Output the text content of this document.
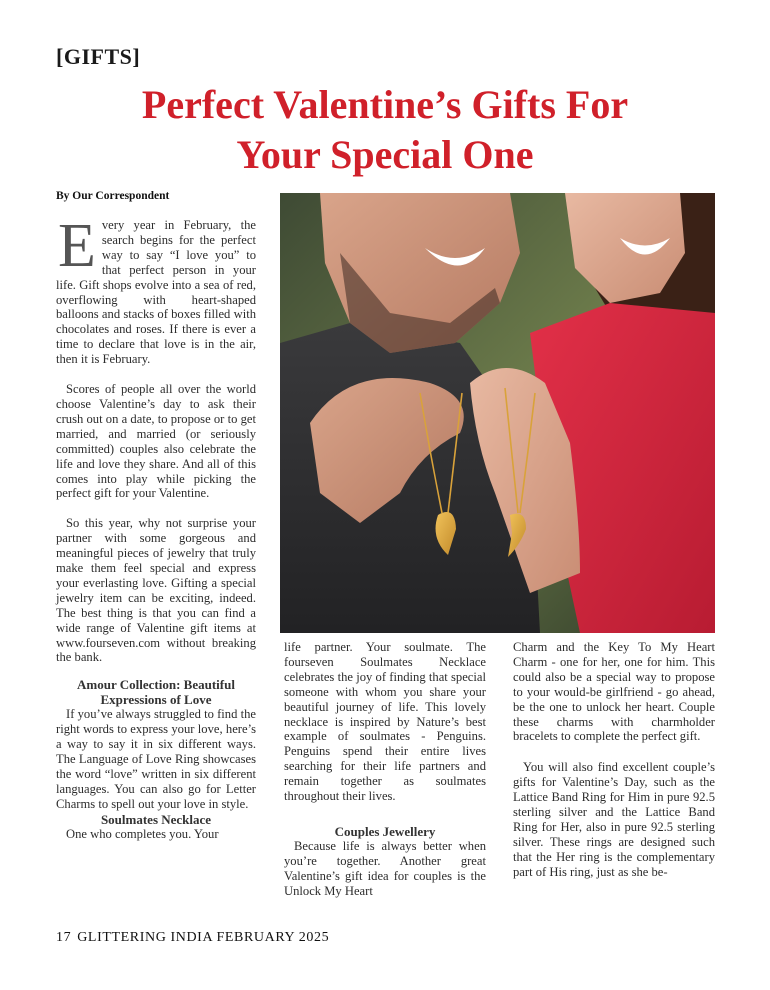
[GIFTS]
Perfect Valentine’s Gifts For
Your Special One
By Our Correspondent

Every year in February, the search begins for the perfect way to say “I love you” to that perfect person in your life. Gift shops evolve into a sea of red, overflowing with heart-shaped balloons and stacks of boxes filled with chocolates and roses. If there is ever a time to declare that love is in the air, then it is February.

Scores of people all over the world choose Valentine’s day to ask their crush out on a date, to propose or to get married, and married (or seriously committed) couples also celebrate the life and love they share. And all of this comes into play while picking the perfect gift for your Valentine.

So this year, why not surprise your partner with some gorgeous and meaningful pieces of jewelry that truly make them feel special and express your everlasting love. Gifting a special jewelry item can be exciting, indeed. The best thing is that you can find a wide range of Valentine gift items at www.fourseven.com without breaking the bank.

Amour Collection: Beautiful
Expressions of Love

If you’ve always struggled to find the right words to express your love, here’s a way to say it in six different ways. The Language of Love Ring showcases the word “love” written in six different languages. You can also go for Letter Charms to spell out your love in style.

Soulmates Necklace

One who completes you. Your

life partner. Your soulmate. The fourseven Soulmates Necklace celebrates the joy of finding that special someone with whom you share your beautiful journey of life. This lovely necklace is inspired by Nature’s best example of soulmates - Penguins. Penguins spend their entire lives searching for their life partners and remain together as soulmates throughout their lives.

Couples Jewellery

Because life is always better when you’re together. Another great Valentine’s gift idea for couples is the Unlock My Heart

Charm and the Key To My Heart Charm - one for her, one for him. This could also be a special way to propose to your would-be girlfriend - go ahead, be the one to unlock her heart. Couple these charms with charmholder bracelets to complete the perfect gift.

You will also find excellent couple’s gifts for Valentine’s Day, such as the Lattice Band Ring for Him in pure 92.5 sterling silver and the Lattice Band Ring for Her, also in pure 92.5 sterling silver. These rings are designed such that the Her ring is the complementary part of His ring, just as she be-

17 GLITTERING INDIA FEBRUARY 2025
